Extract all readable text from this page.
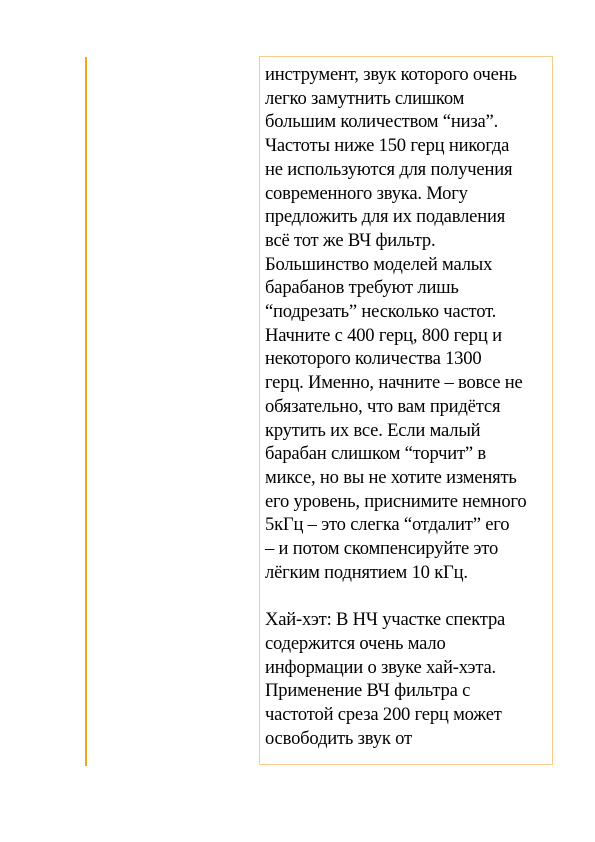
инструмент, звук которого очень
легко замутнить слишком
большим количеством “низа”.
Частоты ниже 150 герц никогда
не используются для получения
современного звука. Могу
предложить для их подавления
всё тот же ВЧ фильтр.
Большинство моделей малых
барабанов требуют лишь
“подрезать” несколько частот.
Начните с 400 герц, 800 герц и
некоторого количества 1300
герц. Именно, начните – вовсе не
обязательно, что вам придётся
крутить их все. Если малый
барабан слишком “торчит” в
миксе, но вы не хотите изменять
его уровень, приснимите немного
5кГц – это слегка “отдалит” его
– и потом скомпенсируйте это
лёгким поднятием 10 кГц.

Хай-хэт: В НЧ участке спектра
содержится очень мало
информации о звуке хай-хэта.
Применение ВЧ фильтра с
частотой среза 200 герц может
освободить звук от
